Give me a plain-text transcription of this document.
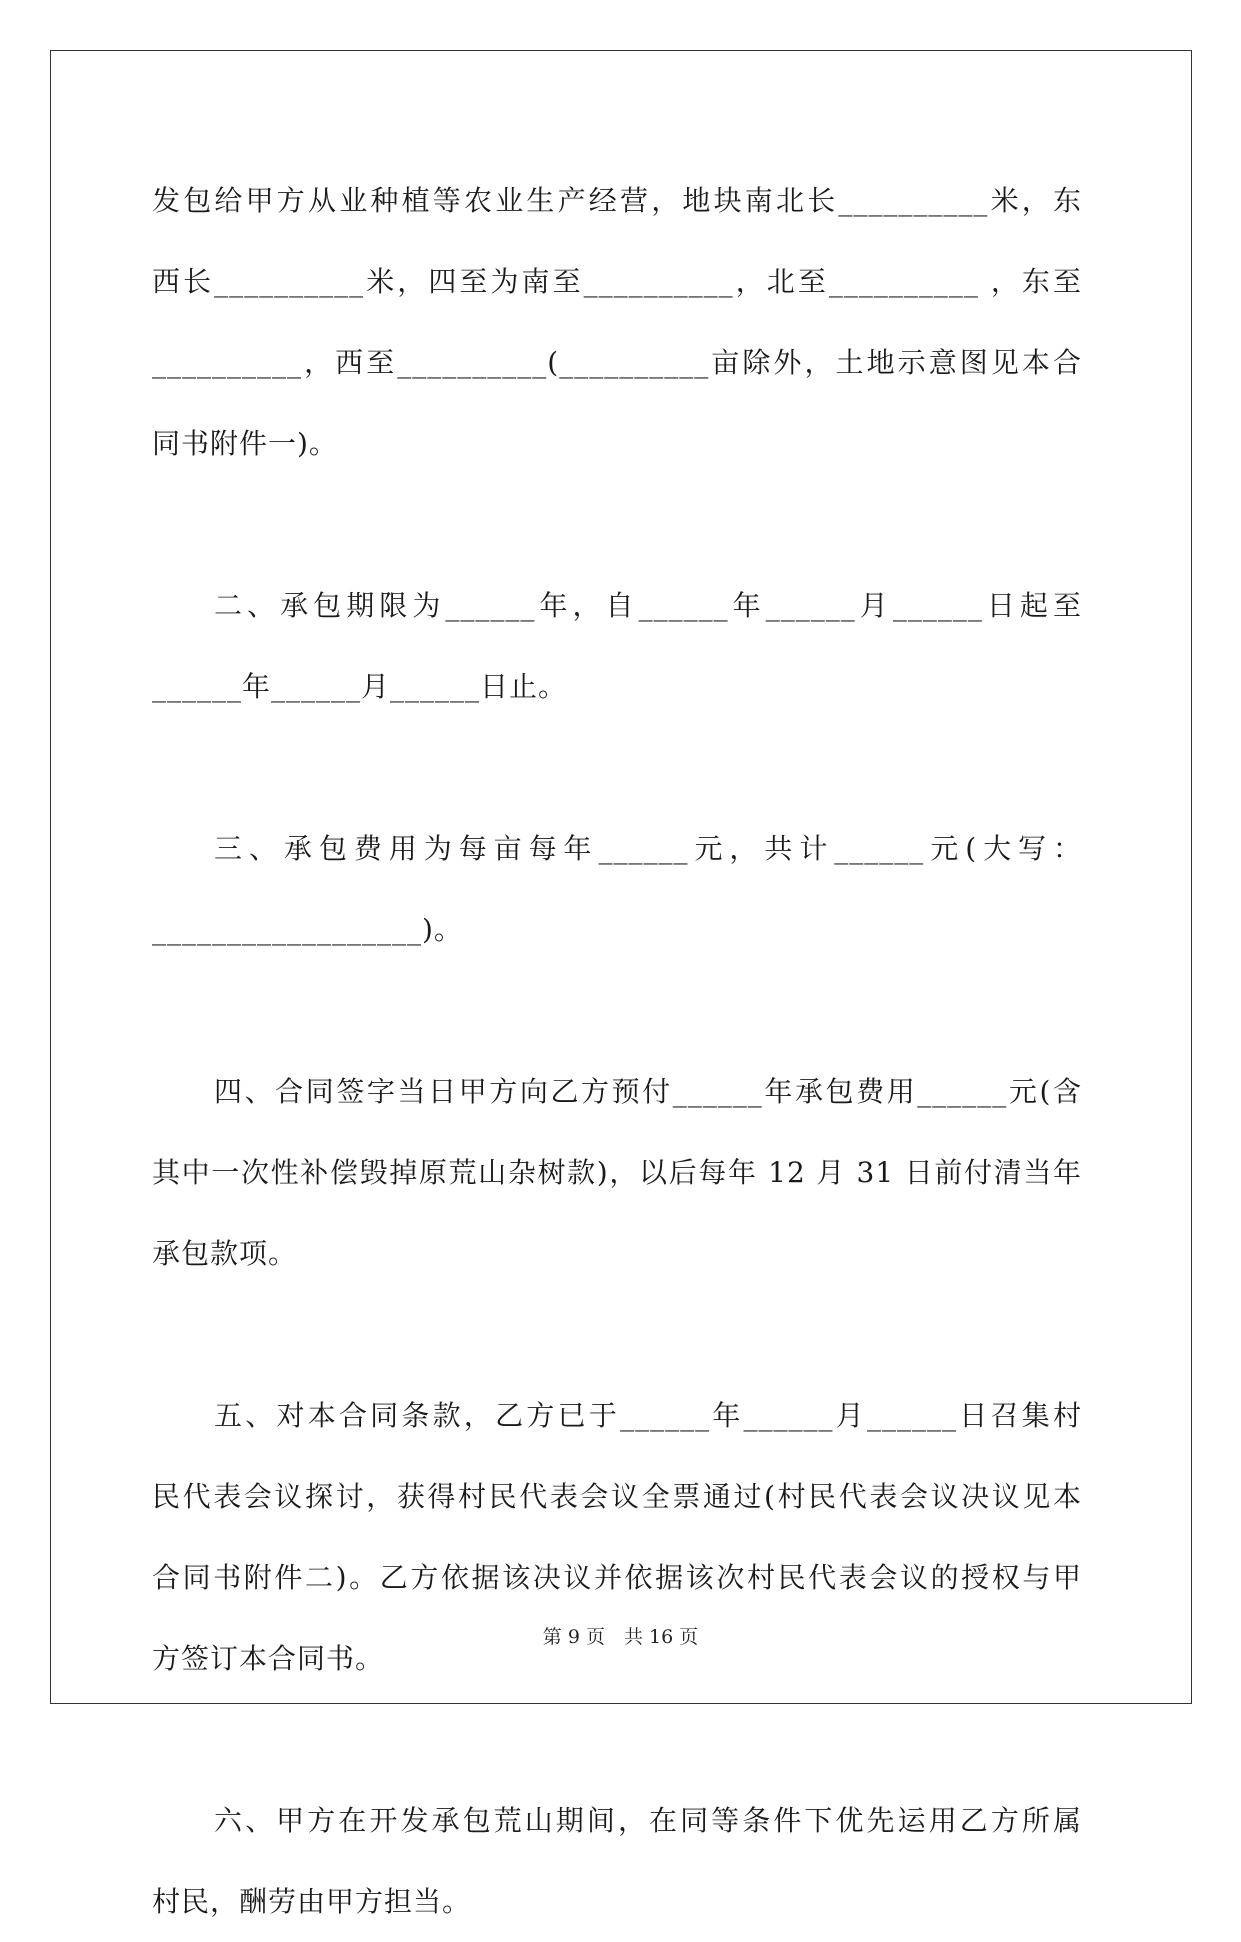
发包给甲方从业种植等农业生产经营，地块南北长__________米，东
西长__________米，四至为南至__________，北至__________ ，东至
__________，西至__________(__________亩除外，土地示意图见本合
同书附件一)。
二、承包期限为______年，自______年______月______日起至
______年______月______日止。
三、承包费用为每亩每年______元，共计______元(大写：
__________________)。
四、合同签字当日甲方向乙方预付______年承包费用______元(含
其中一次性补偿毁掉原荒山杂树款)，以后每年 12 月 31 日前付清当年
承包款项。
五、对本合同条款，乙方已于______年______月______日召集村
民代表会议探讨，获得村民代表会议全票通过(村民代表会议决议见本
合同书附件二)。乙方依据该决议并依据该次村民代表会议的授权与甲
方签订本合同书。
六、甲方在开发承包荒山期间，在同等条件下优先运用乙方所属
村民，酬劳由甲方担当。
第 9 页　共 16 页
